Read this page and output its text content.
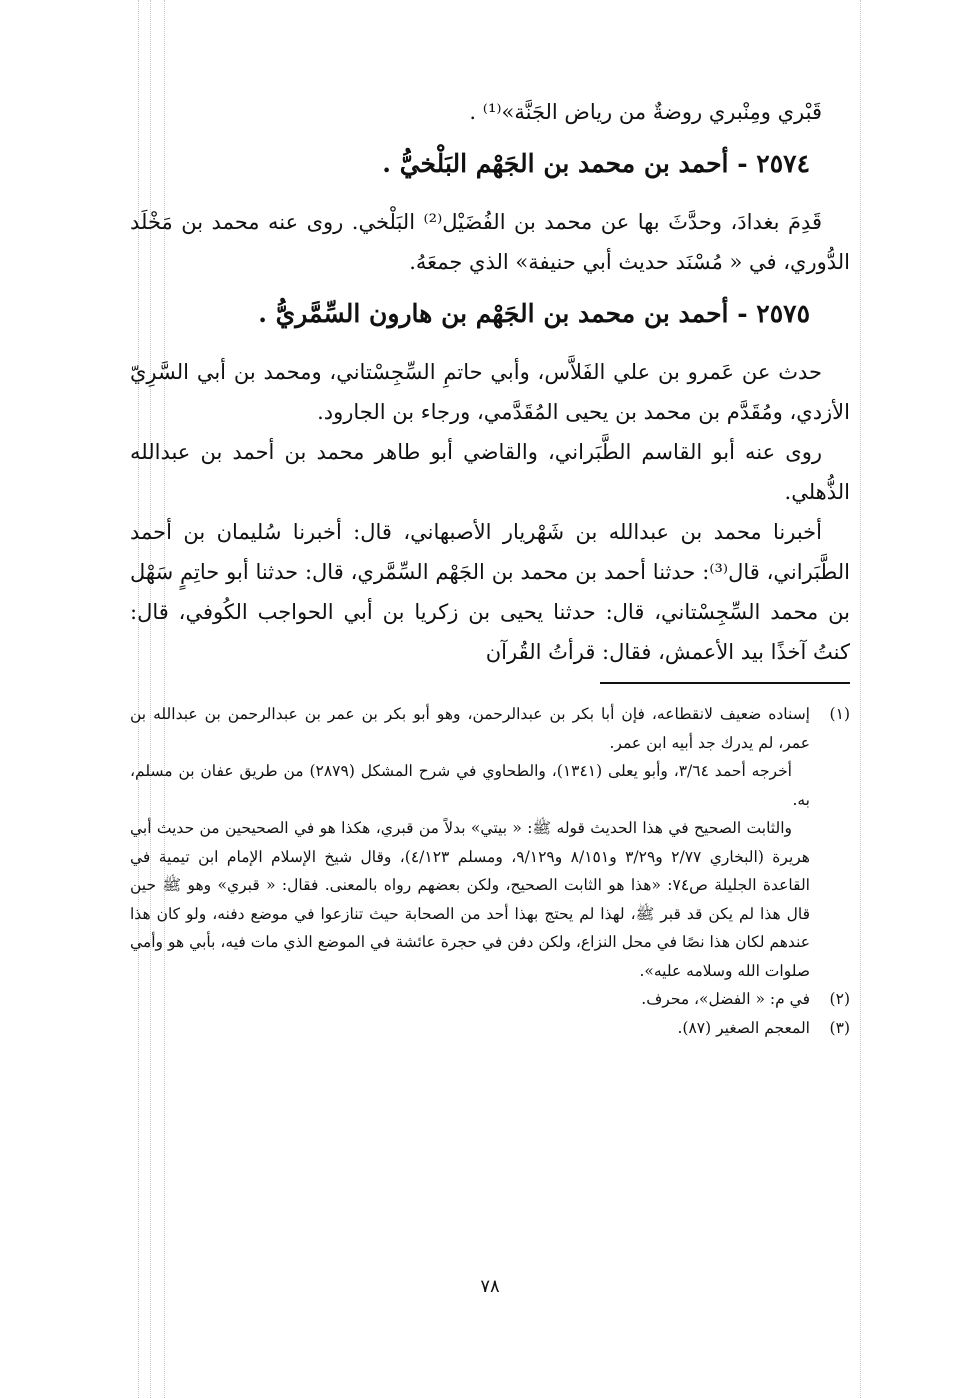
قَبْري ومِنْبري روضةٌ من رياض الجَنَّة»⁽¹⁾ .

٢٥٧٤ - أحمد بن محمد بن الجَهْم البَلْخيُّ .

قَدِمَ بغدادَ، وحدَّثَ بها عن محمد بن الفُضَيْل⁽²⁾ البَلْخي. روى عنه محمد بن مَخْلَد الدُّوري، في « مُسْنَد حديث أبي حنيفة» الذي جمعَهُ.

٢٥٧٥ - أحمد بن محمد بن الجَهْم بن هارون السِّمَّريُّ .

حدث عن عَمرو بن علي الفَلاَّس، وأبي حاتمِ السِّجِسْتاني، ومحمد بن أبي السَّرِيّ الأزدي، ومُقَدَّم بن محمد بن يحيى المُقَدَّمي، ورجاء بن الجارود.

روى عنه أبو القاسم الطَّبَراني، والقاضي أبو طاهر محمد بن أحمد بن عبدالله الذُّهلي.

أخبرنا محمد بن عبدالله بن شَهْريار الأصبهاني، قال: أخبرنا سُليمان بن أحمد الطَّبَراني، قال⁽³⁾: حدثنا أحمد بن محمد بن الجَهْم السِّمَّري، قال: حدثنا أبو حاتِمٍ سَهْل بن محمد السِّجِسْتاني، قال: حدثنا يحيى بن زكريا بن أبي الحواجب الكُوفي، قال: كنتُ آخذًا بيد الأعمش، فقال: قرأتُ القُرآن

(١)

إسناده ضعيف لانقطاعه، فإن أبا بكر بن عبدالرحمن، وهو أبو بكر بن عمر بن عبدالرحمن بن عبدالله بن عمر، لم يدرك جد أبيه ابن عمر.

أخرجه أحمد ٣/٦٤، وأبو يعلى (١٣٤١)، والطحاوي في شرح المشكل (٢٨٧٩) من طريق عفان بن مسلم، به.

والثابت الصحيح في هذا الحديث قوله ﷺ: « بيتي» بدلاً من قبري، هكذا هو في الصحيحين من حديث أبي هريرة (البخاري ٢/٧٧ و٣/٢٩ و٨/١٥١ و٩/١٢٩، ومسلم ٤/١٢٣)، وقال شيخ الإسلام الإمام ابن تيمية في القاعدة الجليلة ص٧٤: «هذا هو الثابت الصحيح، ولكن بعضهم رواه بالمعنى. فقال: « قبري» وهو ﷺ حين قال هذا لم يكن قد قبر ﷺ، لهذا لم يحتج بهذا أحد من الصحابة حيث تنازعوا في موضع دفنه، ولو كان هذا عندهم لكان هذا نصًا في محل النزاع، ولكن دفن في حجرة عائشة في الموضع الذي مات فيه، بأبي هو وأمي صلوات الله وسلامه عليه».

(٢)

في م: « الفضل»، محرف.

(٣)

المعجم الصغير (٨٧).

٧٨
